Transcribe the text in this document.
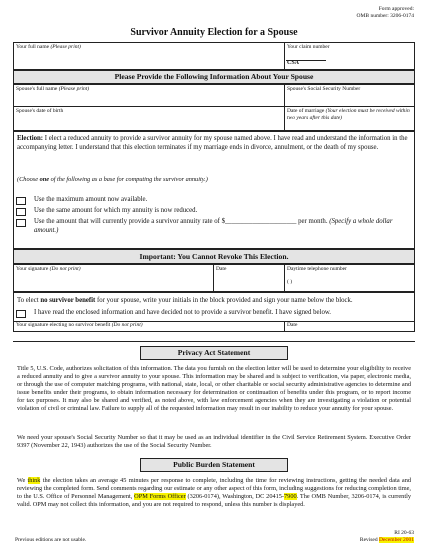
Form approved:
OMB number: 3206-0174
Survivor Annuity Election for a Spouse
Your full name (Please print)	Your claim number
CSA
Please Provide the Following Information About Your Spouse
Spouse's full name (Please print)	Spouse's Social Security Number
Spouse's date of birth	Date of marriage (Your election must be received within two years after this date)
Election: I elect a reduced annuity to provide a survivor annuity for my spouse named above. I have read and understand the information in the accompanying letter. I understand that this election terminates if my marriage ends in divorce, annulment, or the death of my spouse.
(Choose one of the following as a base for computing the survivor annuity.)
Use the maximum amount now available.
Use the same amount for which my annuity is now reduced.
Use the amount that will currently provide a survivor annuity rate of $_____________________ per month. (Specify a whole dollar amount.)
Important: You Cannot Revoke This Election.
Your signature (Do not print)	Date	Daytime telephone number
( )
To elect no survivor benefit for your spouse, write your initials in the block provided and sign your name below the block.
I have read the enclosed information and have decided not to provide a survivor benefit. I have signed below.
Your signature electing no survivor benefit (Do not print)	Date
Privacy Act Statement
Title 5, U.S. Code, authorizes solicitation of this information. The data you furnish on the election letter will be used to determine your eligibility to receive a reduced annuity and to give a survivor annuity to your spouse. This information may be shared and is subject to verification, via paper, electronic media, or through the use of computer matching programs, with national, state, local, or other charitable or social security administrative agencies to determine and issue benefits under their programs, to obtain information necessary for determination or continuation of benefits under this program, or to report income for tax purposes. It may also be shared and verified, as noted above, with law enforcement agencies when they are investigating a violation or potential violation of civil or criminal law. Failure to supply all of the requested information may result in our inability to reduce your annuity for your spouse.
We need your spouse's Social Security Number so that it may be used as an individual identifier in the Civil Service Retirement System. Executive Order 9397 (November 22, 1943) authorizes the use of the Social Security Number.
Public Burden Statement
We think the election takes an average 45 minutes per response to complete, including the time for reviewing instructions, getting the needed data and reviewing the completed form. Send comments regarding our estimate or any other aspect of this form, including suggestions for reducing completion time, to the U.S. Office of Personnel Management, OPM Forms Officer (3206-0174), Washington, DC 20415-7900. The OMB Number, 3206-0174, is currently valid. OPM may not collect this information, and you are not required to respond, unless this number is displayed.
Previous editions are not usable.
RI 20-63
Revised December 2001
